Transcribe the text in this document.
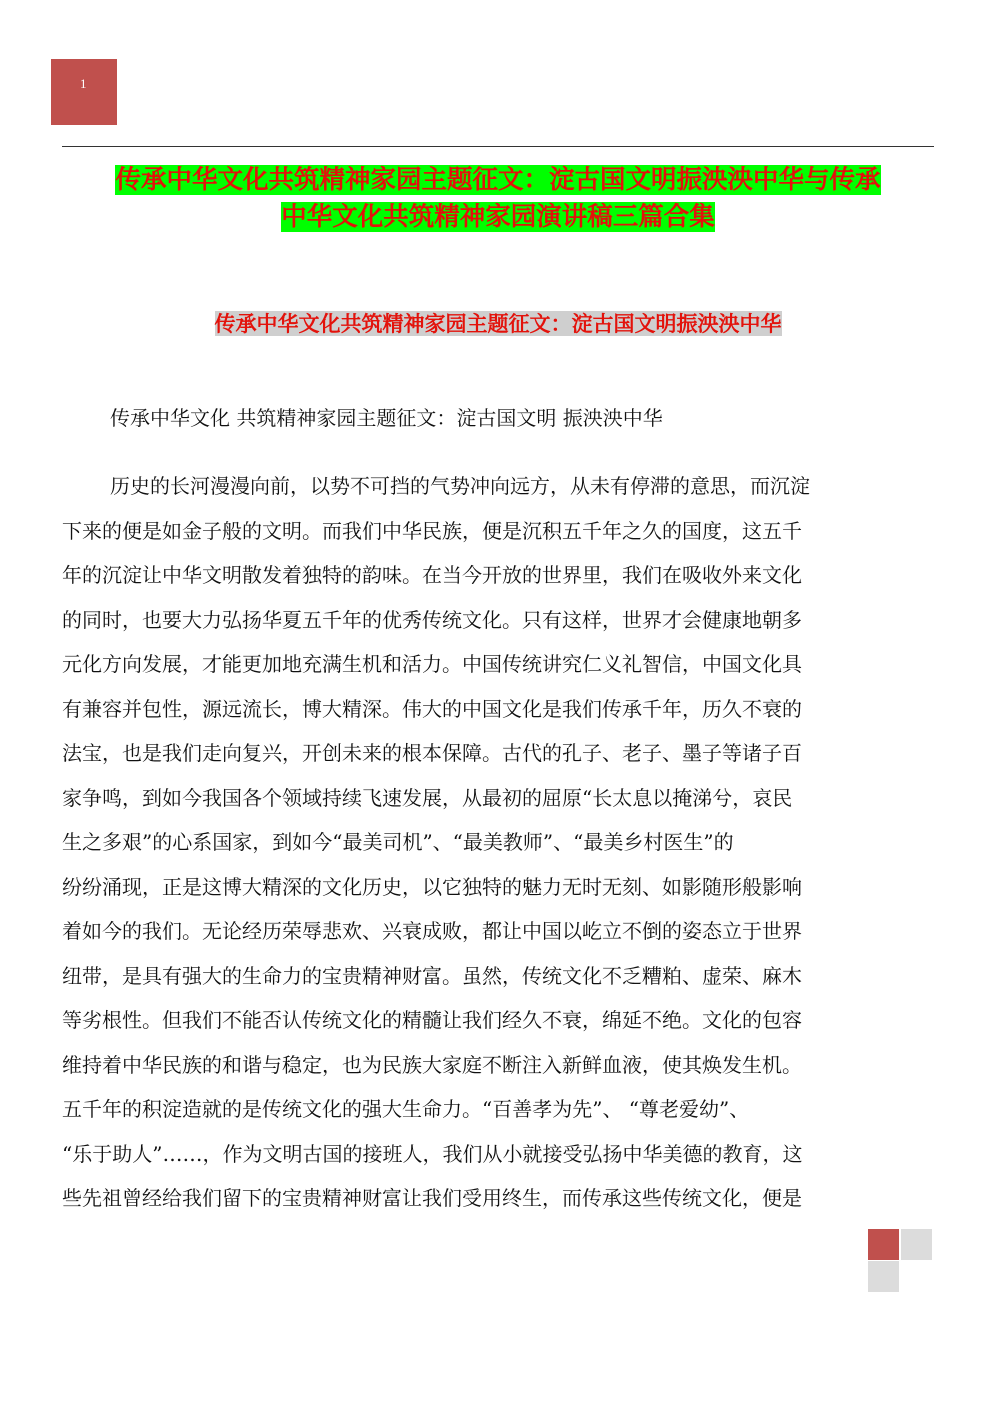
1
传承中华文化共筑精神家园主题征文：淀古国文明振泱泱中华与传承
中华文化共筑精神家园演讲稿三篇合集
传承中华文化共筑精神家园主题征文：淀古国文明振泱泱中华
传承中华文化 共筑精神家园主题征文：淀古国文明 振泱泱中华
历史的长河漫漫向前，以势不可挡的气势冲向远方，从未有停滞的意思，而沉淀
下来的便是如金子般的文明。而我们中华民族，便是沉积五千年之久的国度，这五千
年的沉淀让中华文明散发着独特的韵味。在当今开放的世界里，我们在吸收外来文化
的同时，也要大力弘扬华夏五千年的优秀传统文化。只有这样，世界才会健康地朝多
元化方向发展，才能更加地充满生机和活力。中国传统讲究仁义礼智信，中国文化具
有兼容并包性，源远流长，博大精深。伟大的中国文化是我们传承千年，历久不衰的
法宝，也是我们走向复兴，开创未来的根本保障。古代的孔子、老子、墨子等诸子百
家争鸣，到如今我国各个领域持续飞速发展，从最初的屈原“长太息以掩涕兮，哀民
生之多艰”的心系国家，到如今“最美司机”、“最美教师”、“最美乡村医生”的
纷纷涌现，正是这博大精深的文化历史，以它独特的魅力无时无刻、如影随形般影响
着如今的我们。无论经历荣辱悲欢、兴衰成败，都让中国以屹立不倒的姿态立于世界
纽带，是具有强大的生命力的宝贵精神财富。虽然，传统文化不乏糟粕、虚荣、麻木
等劣根性。但我们不能否认传统文化的精髓让我们经久不衰，绵延不绝。文化的包容
维持着中华民族的和谐与稳定，也为民族大家庭不断注入新鲜血液，使其焕发生机。
五千年的积淀造就的是传统文化的强大生命力。“百善孝为先”、 “尊老爱幼”、
“乐于助人”……，作为文明古国的接班人，我们从小就接受弘扬中华美德的教育，这
些先祖曾经给我们留下的宝贵精神财富让我们受用终生，而传承这些传统文化，便是
